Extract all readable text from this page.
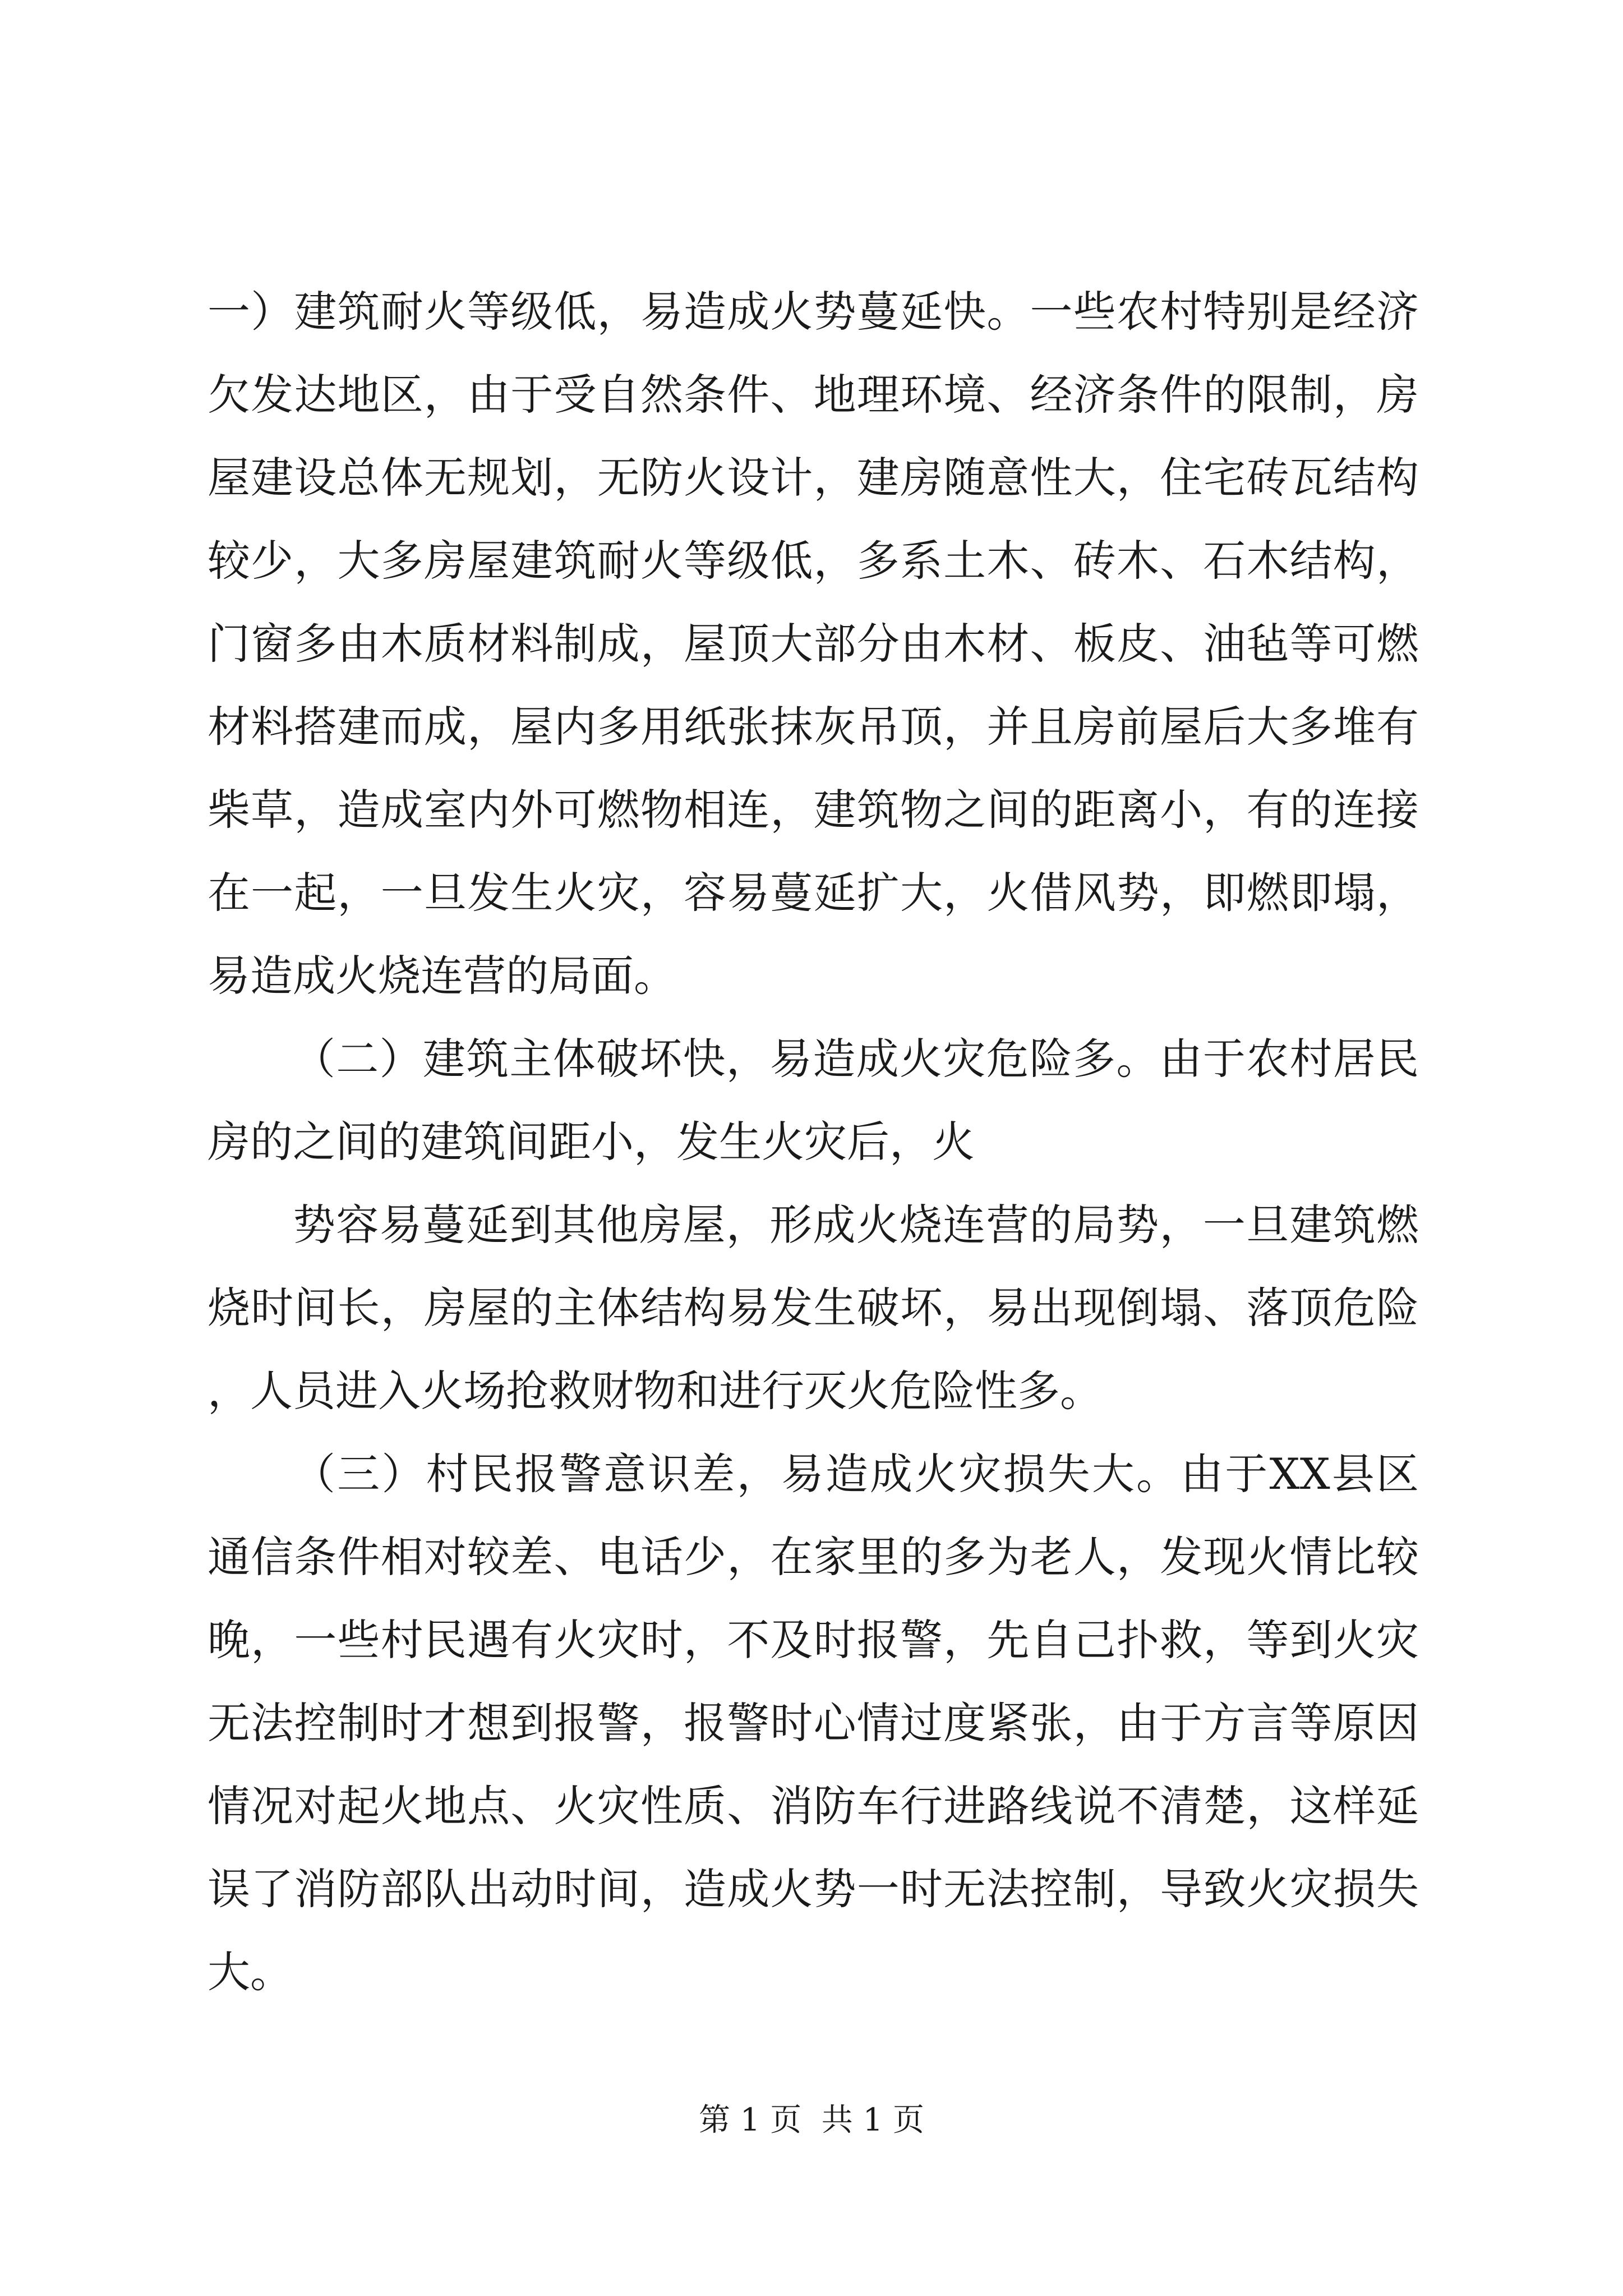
一）建筑耐火等级低，易造成火势蔓延快。一些农村特别是经济欠发达地区，由于受自然条件、地理环境、经济条件的限制，房屋建设总体无规划，无防火设计，建房随意性大，住宅砖瓦结构较少，大多房屋建筑耐火等级低，多系土木、砖木、石木结构，门窗多由木质材料制成，屋顶大部分由木材、板皮、油毡等可燃材料搭建而成，屋内多用纸张抹灰吊顶，并且房前屋后大多堆有柴草，造成室内外可燃物相连，建筑物之间的距离小，有的连接在一起，一旦发生火灾，容易蔓延扩大，火借风势，即燃即塌，易造成火烧连营的局面。

（二）建筑主体破坏快，易造成火灾危险多。由于农村居民房的之间的建筑间距小，发生火灾后，火

势容易蔓延到其他房屋，形成火烧连营的局势，一旦建筑燃烧时间长，房屋的主体结构易发生破坏，易出现倒塌、落顶危险，人员进入火场抢救财物和进行灭火危险性多。

（三）村民报警意识差，易造成火灾损失大。由于XX县区通信条件相对较差、电话少，在家里的多为老人，发现火情比较晚，一些村民遇有火灾时，不及时报警，先自己扑救，等到火灾无法控制时才想到报警，报警时心情过度紧张，由于方言等原因情况对起火地点、火灾性质、消防车行进路线说不清楚，这样延误了消防部队出动时间，造成火势一时无法控制，导致火灾损失大。

第 1 页  共 1 页
